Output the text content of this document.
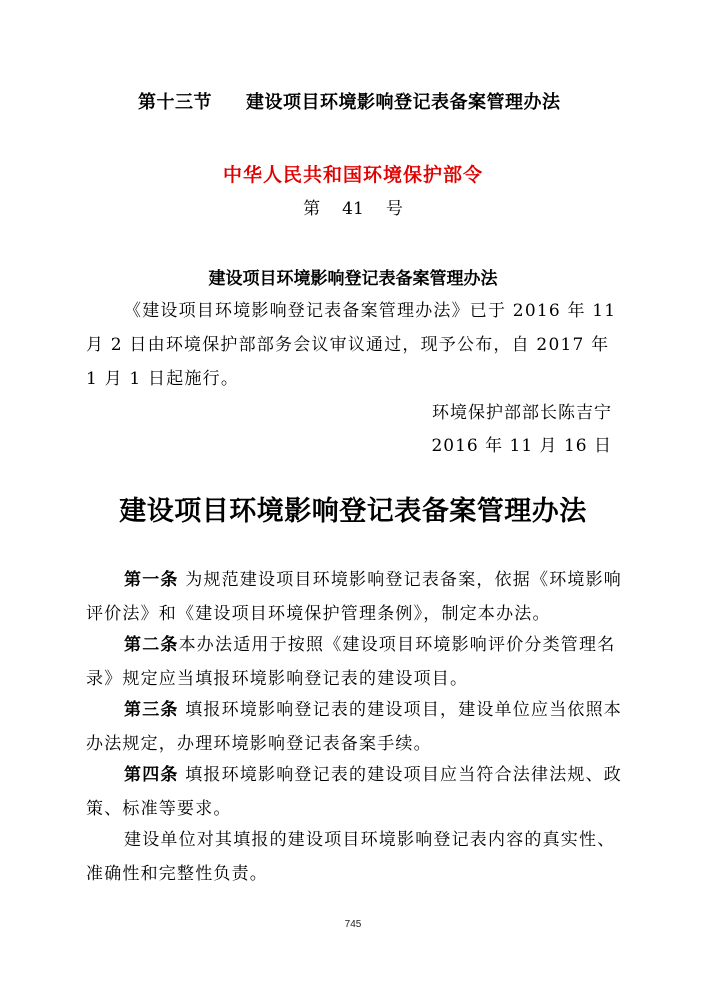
第十三节 建设项目环境影响登记表备案管理办法
中华人民共和国环境保护部令
第 41 号
建设项目环境影响登记表备案管理办法
《建设项目环境影响登记表备案管理办法》已于 2016 年 11 月 2 日由环境保护部部务会议审议通过，现予公布，自 2017 年 1 月 1 日起施行。
环境保护部部长陈吉宁
2016 年 11 月 16 日
建设项目环境影响登记表备案管理办法
第一条 为规范建设项目环境影响登记表备案，依据《环境影响评价法》和《建设项目环境保护管理条例》，制定本办法。
第二条本办法适用于按照《建设项目环境影响评价分类管理名录》规定应当填报环境影响登记表的建设项目。
第三条 填报环境影响登记表的建设项目，建设单位应当依照本办法规定，办理环境影响登记表备案手续。
第四条 填报环境影响登记表的建设项目应当符合法律法规、政策、标准等要求。
建设单位对其填报的建设项目环境影响登记表内容的真实性、准确性和完整性负责。
745
